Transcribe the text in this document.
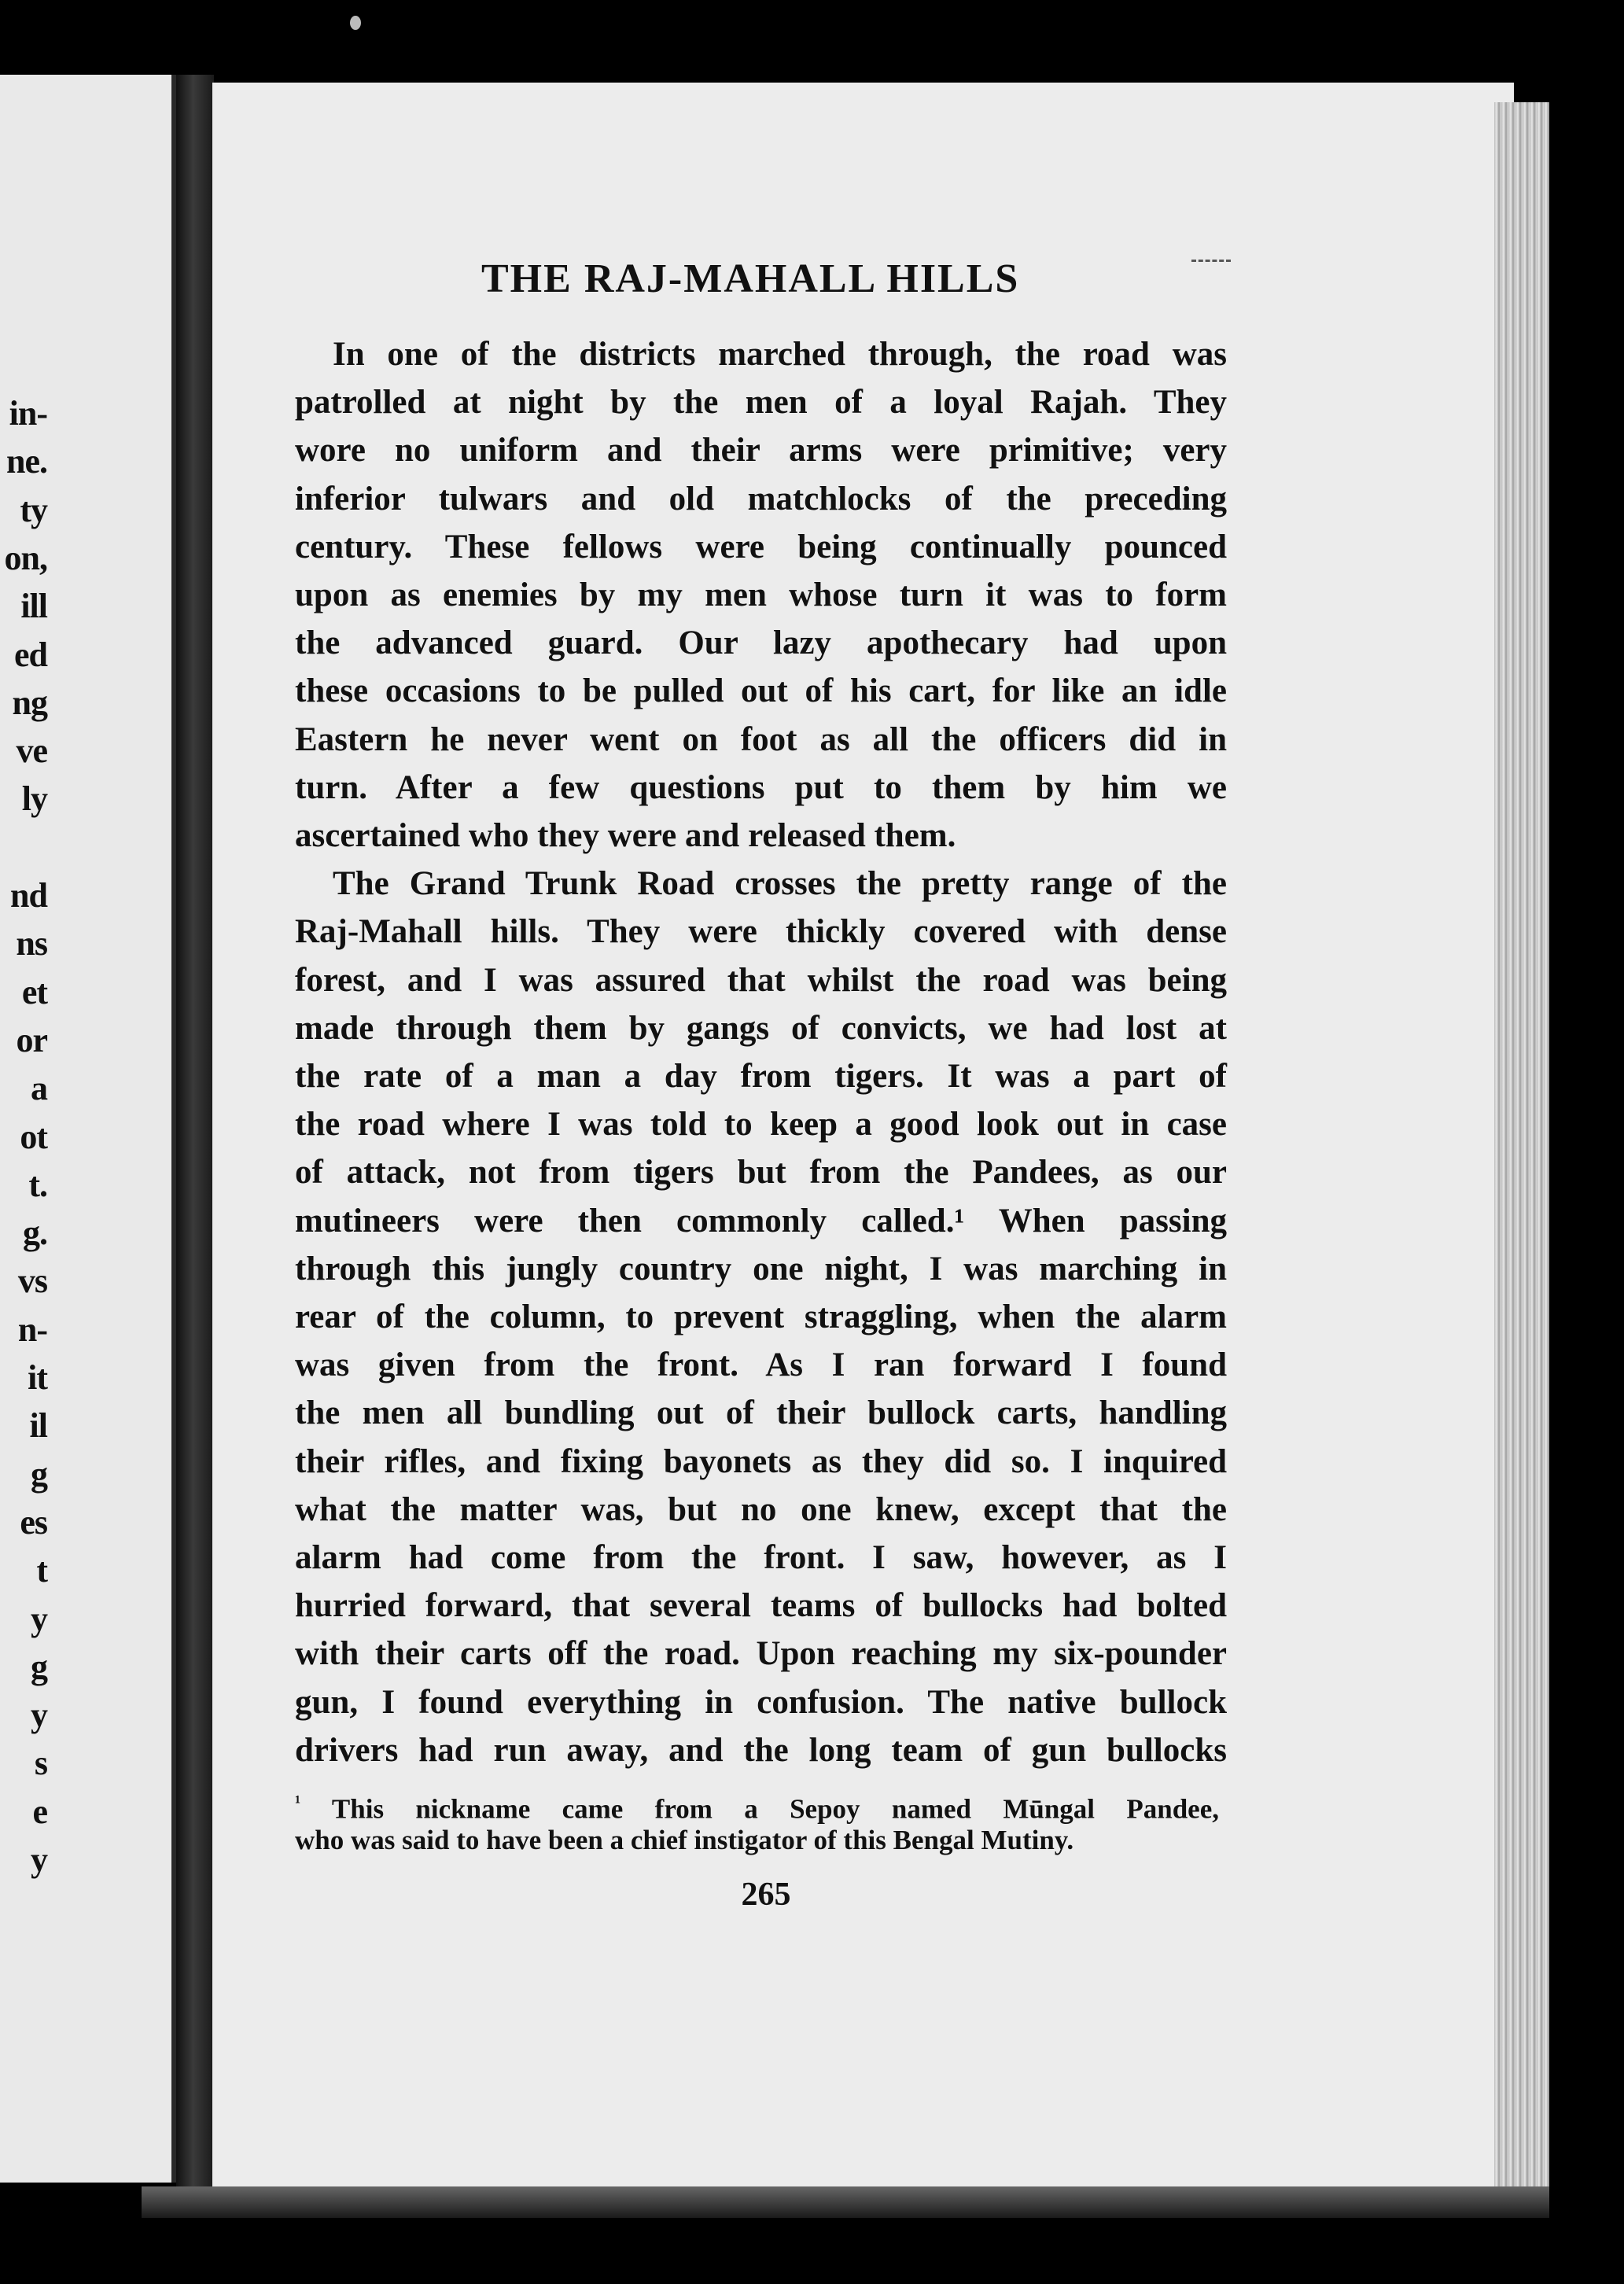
in-
ne.
ty
on,
ill
ed
ng
ve
ly
nd
ns
et
or
a
ot
t.
g.
vs
n-
it
il
g
es
t
y
g
y
s
e
y
THE RAJ-MAHALL HILLS
In one of the districts marched through, the road was
patrolled at night by the men of a loyal Rajah. They
wore no uniform and their arms were primitive; very
inferior tulwars and old matchlocks of the preceding
century. These fellows were being continually pounced
upon as enemies by my men whose turn it was to form
the advanced guard. Our lazy apothecary had upon
these occasions to be pulled out of his cart, for like an idle
Eastern he never went on foot as all the officers did in
turn. After a few questions put to them by him we
ascertained who they were and released them.
The Grand Trunk Road crosses the pretty range of the
Raj-Mahall hills. They were thickly covered with dense
forest, and I was assured that whilst the road was being
made through them by gangs of convicts, we had lost at
the rate of a man a day from tigers. It was a part of
the road where I was told to keep a good look out in case
of attack, not from tigers but from the Pandees, as our
mutineers were then commonly called.¹ When passing
through this jungly country one night, I was marching in
rear of the column, to prevent straggling, when the alarm
was given from the front. As I ran forward I found
the men all bundling out of their bullock carts, handling
their rifles, and fixing bayonets as they did so. I inquired
what the matter was, but no one knew, except that the
alarm had come from the front. I saw, however, as I
hurried forward, that several teams of bullocks had bolted
with their carts off the road. Upon reaching my six-pounder
gun, I found everything in confusion. The native bullock
drivers had run away, and the long team of gun bullocks
$^{^1}$ This nickname came from a Sepoy named Mūngal Pandee,
who was said to have been a chief instigator of this Bengal Mutiny.
265
